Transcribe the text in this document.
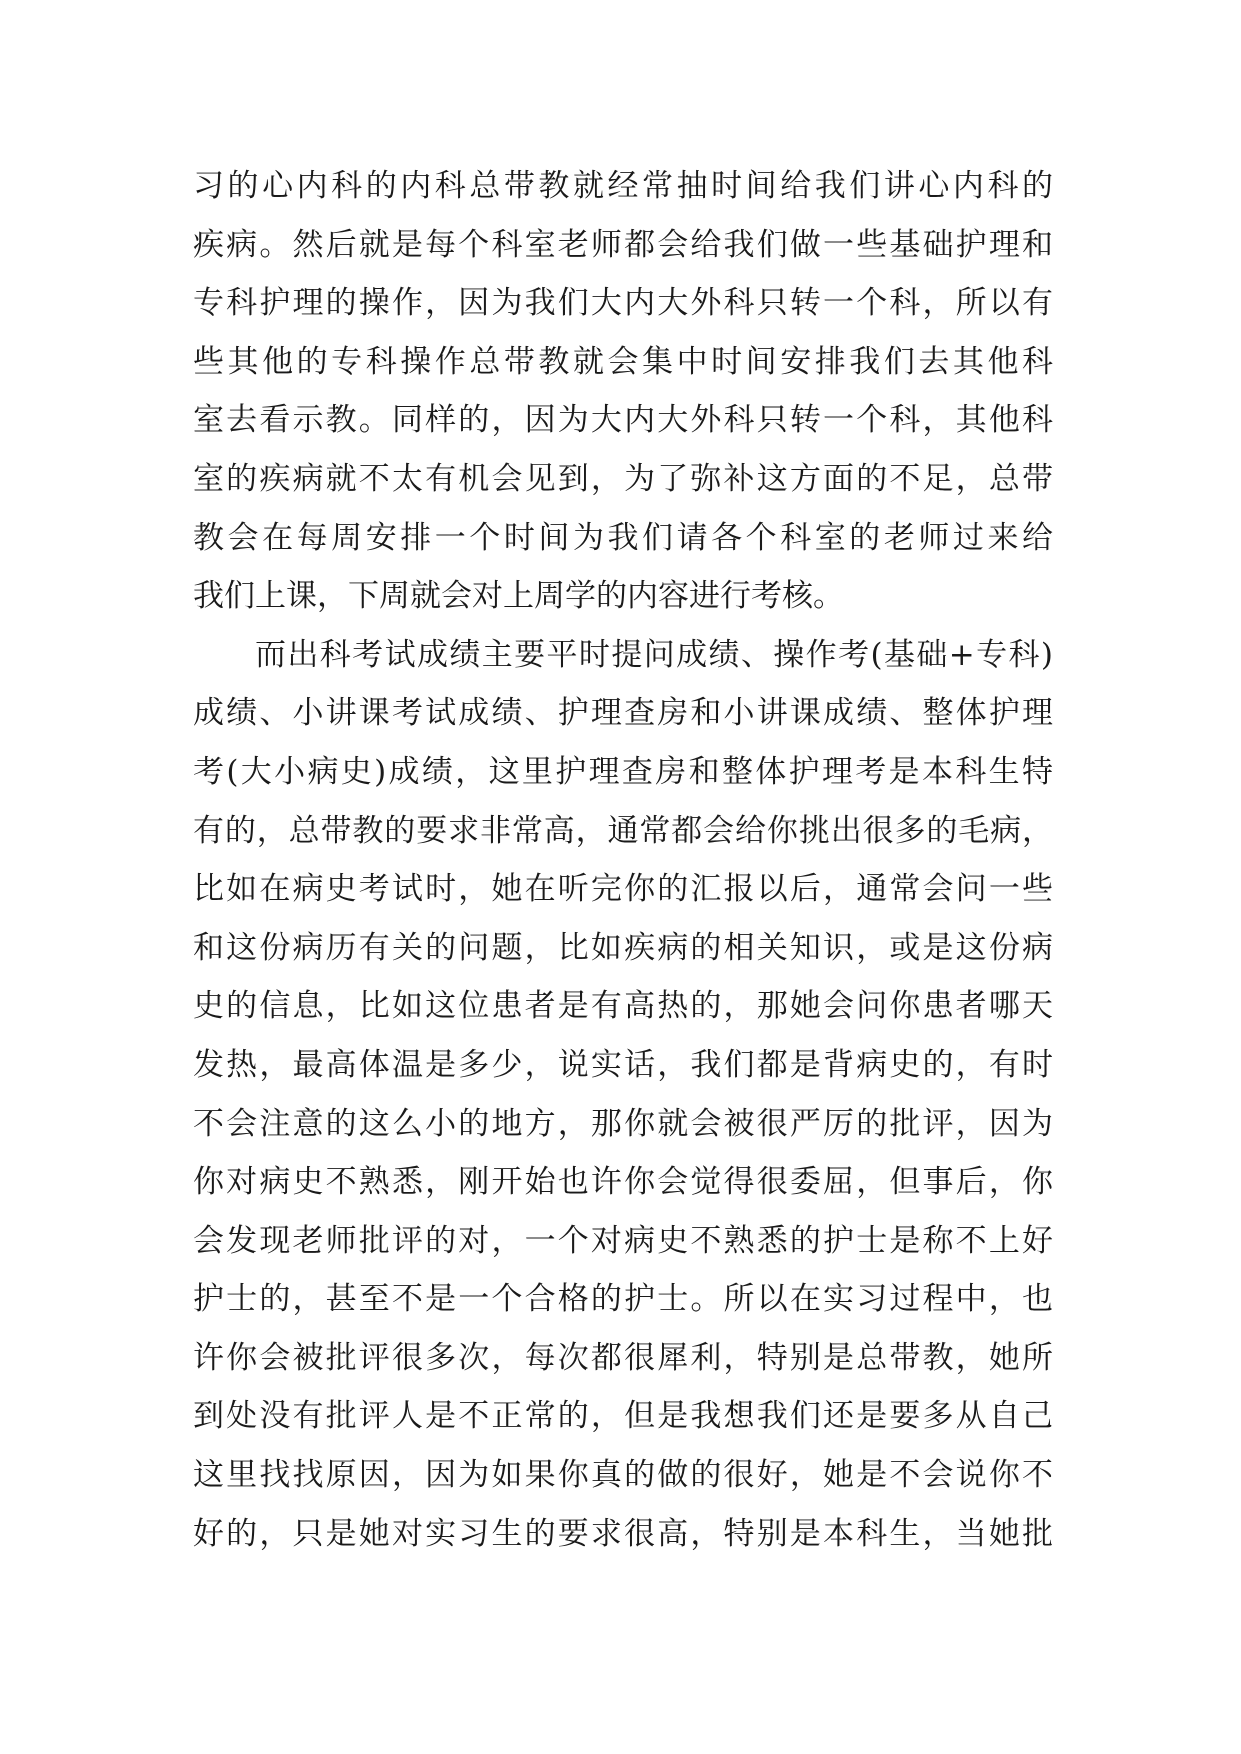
习的心内科的内科总带教就经常抽时间给我们讲心内科的
疾病。然后就是每个科室老师都会给我们做一些基础护理和
专科护理的操作，因为我们大内大外科只转一个科，所以有
些其他的专科操作总带教就会集中时间安排我们去其他科
室去看示教。同样的，因为大内大外科只转一个科，其他科
室的疾病就不太有机会见到，为了弥补这方面的不足，总带
教会在每周安排一个时间为我们请各个科室的老师过来给
我们上课，下周就会对上周学的内容进行考核。
而出科考试成绩主要平时提问成绩、操作考(基础+专科)
成绩、小讲课考试成绩、护理查房和小讲课成绩、整体护理
考(大小病史)成绩，这里护理查房和整体护理考是本科生特
有的，总带教的要求非常高，通常都会给你挑出很多的毛病，
比如在病史考试时，她在听完你的汇报以后，通常会问一些
和这份病历有关的问题，比如疾病的相关知识，或是这份病
史的信息，比如这位患者是有高热的，那她会问你患者哪天
发热，最高体温是多少，说实话，我们都是背病史的，有时
不会注意的这么小的地方，那你就会被很严厉的批评，因为
你对病史不熟悉，刚开始也许你会觉得很委屈，但事后，你
会发现老师批评的对，一个对病史不熟悉的护士是称不上好
护士的，甚至不是一个合格的护士。所以在实习过程中，也
许你会被批评很多次，每次都很犀利，特别是总带教，她所
到处没有批评人是不正常的，但是我想我们还是要多从自己
这里找找原因，因为如果你真的做的很好，她是不会说你不
好的，只是她对实习生的要求很高，特别是本科生，当她批
